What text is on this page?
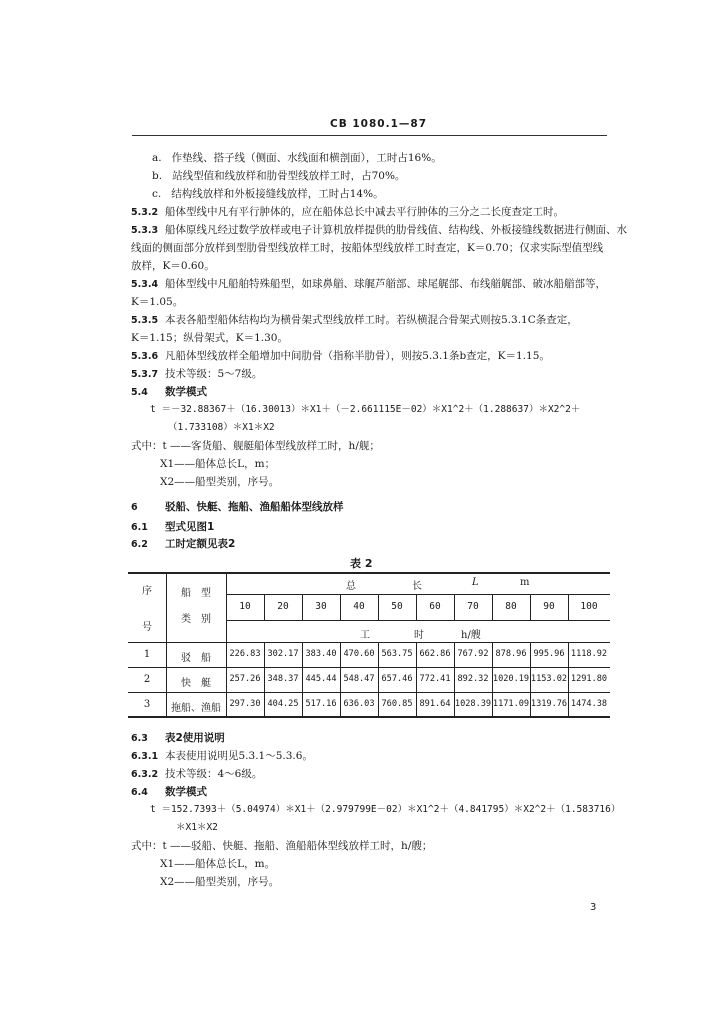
CB 1080.1—87
a. 作垫线、搭子线（侧面、水线面和横剖面），工时占16%。
b. 站线型值和线放样和肋骨型线放样工时，占70%。
c. 结构线放样和外板接缝线放样，工时占14%。
5.3.2 船体型线中凡有平行肿体的，应在船体总长中减去平行肿体的三分之二长度查定工时。
5.3.3 船体原线凡经过数学放样或电子计算机放样提供的肋骨线值、结构线、外板接缝线数据进行侧面、水
线面的侧面部分放样到型肋骨型线放样工时，按船体型线放样工时查定，K＝0.70；仅求实际型值型线
放样，K＝0.60。
5.3.4 船体型线中凡船舶特殊船型，如球鼻艏、球艉芦艏部、球尾艉部、布线艏艉部、破冰船艏部等，
K＝1.05。
5.3.5 本表各船型船体结构均为横骨架式型线放样工时。若纵横混合骨架式则按5.3.1C条查定，
K＝1.15；纵骨架式，K＝1.30。
5.3.6 凡船体型线放样全船增加中间肋骨（指称半肋骨），则按5.3.1条b查定，K＝1.15。
5.3.7 技术等级：5～7级。
5.4 数学模式
t ＝－32.88367＋（16.30013）＊X1＋（－2.661115E－02）＊X1^2＋（1.288637）＊X2^2＋
（1.733108）＊X1＊X2
式中：t ——客货船、舰艇船体型线放样工时，h/舰；
X1——船体总长L，m；
X2——船型类别，序号。
6	驳船、快艇、拖船、渔船船体型线放样
6.1 型式见图1
6.2 工时定额见表2
表 2
序
号
船　型
类　别
总	长	L	m
工	时	h/艘
10	20	30	40	50	60	70	80	90	100
1	驳　船	226.83 302.17 383.40 470.60 563.75 662.86 767.92 878.96 995.96 1118.92
2	快　艇	257.26 348.37 445.44 548.47 657.46 772.41 892.32 1020.19 1153.02 1291.80
3	拖船、渔船 297.30 404.25 517.16 636.03 760.85 891.64 1028.39 1171.09 1319.76 1474.38
6.3 表2使用说明
6.3.1 本表使用说明见5.3.1～5.3.6。
6.3.2 技术等级：4～6级。
6.4 数学模式
t ＝152.7393＋（5.04974）＊X1＋（2.979799E－02）＊X1^2＋（4.841795）＊X2^2＋（1.583716）
＊X1＊X2
式中：t ——驳船、快艇、拖船、渔船船体型线放样工时，h/艘；
X1——船体总长L，m。
X2——船型类别，序号。
3
